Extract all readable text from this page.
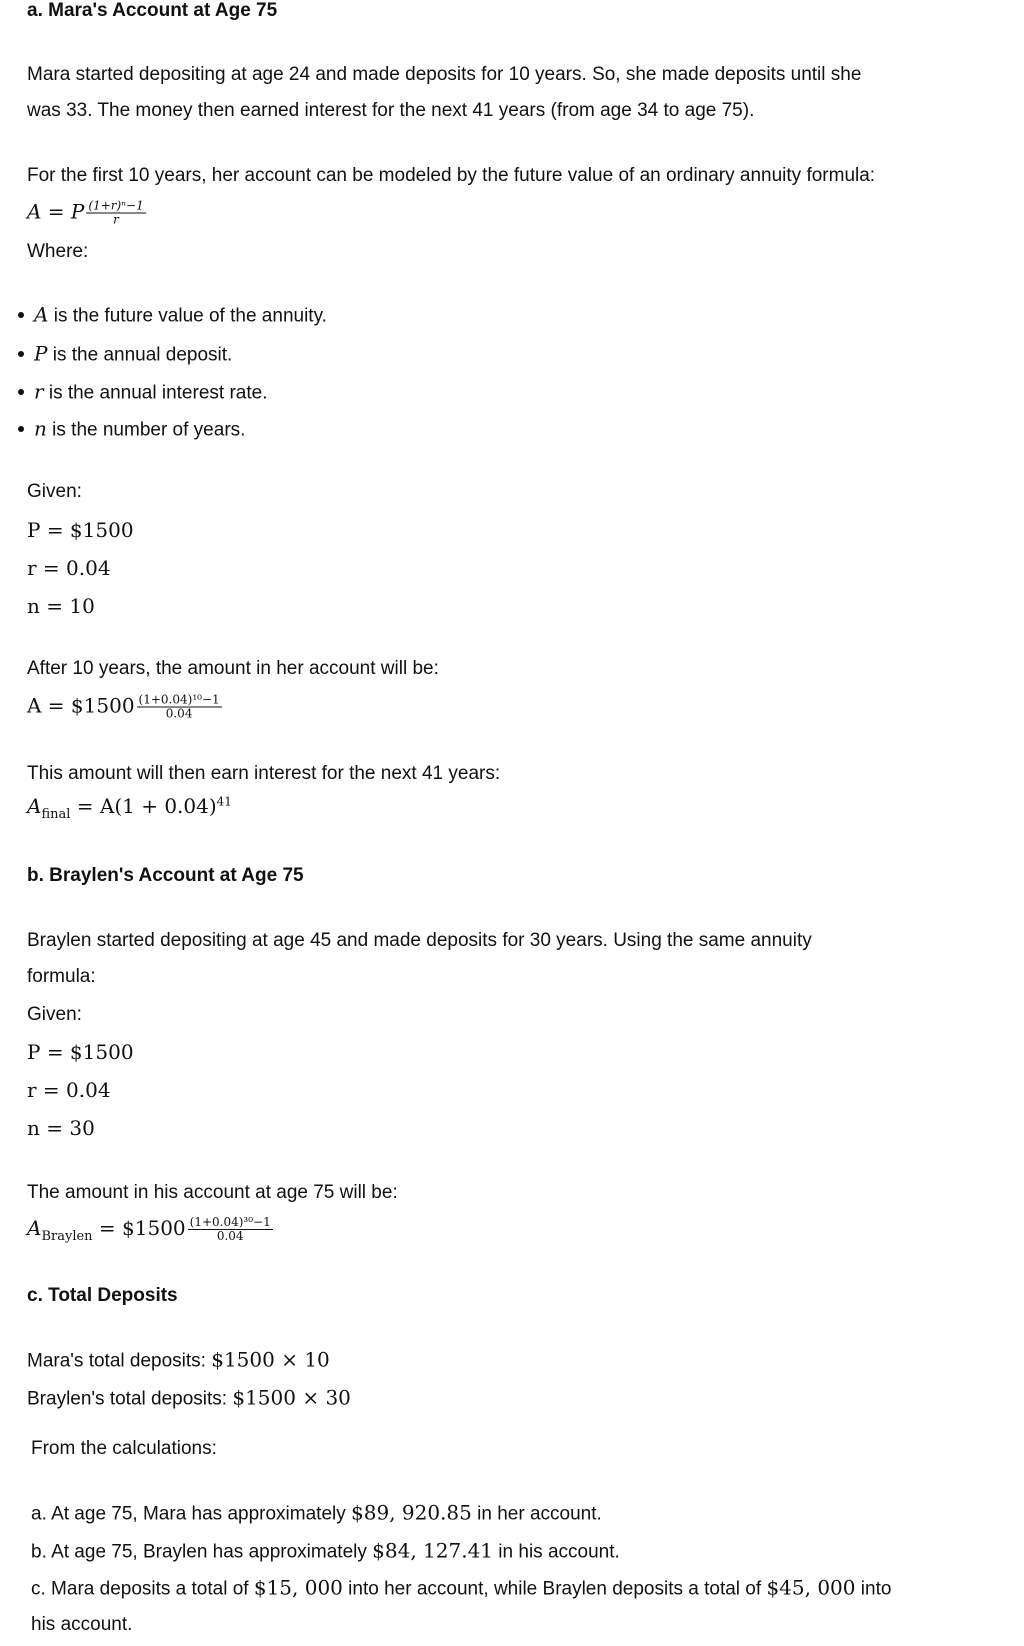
a. Mara's Account at Age 75
Mara started depositing at age 24 and made deposits for 10 years. So, she made deposits until she
was 33. The money then earned interest for the next 41 years (from age 34 to age 75).
For the first 10 years, her account can be modeled by the future value of an ordinary annuity formula:
A = P $\frac{\text{(1+r)ⁿ−1}}{r}$
Where:
A is the future value of the annuity.
P is the annual deposit.
r is the annual interest rate.
n is the number of years.
Given:
P = $1500
r = 0.04
n = 10
After 10 years, the amount in her account will be:
A = $1500 $\frac{\text{(1+0.04)¹⁰−1}}{0.04}$
This amount will then earn interest for the next 41 years:
$A_{final} = A(1 + 0.04)^{41}$
b. Braylen's Account at Age 75
Braylen started depositing at age 45 and made deposits for 30 years. Using the same annuity
formula:
Given:
P = $1500
r = 0.04
n = 30
The amount in his account at age 75 will be:
$A_{Braylen}$ = $1500 $\frac{\text{(1+0.04)³⁰−1}}{0.04}$
c. Total Deposits
Mara's total deposits: $1500 × 10
Braylen's total deposits: $1500 × 30
From the calculations:
a. At age 75, Mara has approximately $89, 920.85 in her account.
b. At age 75, Braylen has approximately $84, 127.41 in his account.
c. Mara deposits a total of $15, 000 into her account, while Braylen deposits a total of $45, 000 into
his account.
